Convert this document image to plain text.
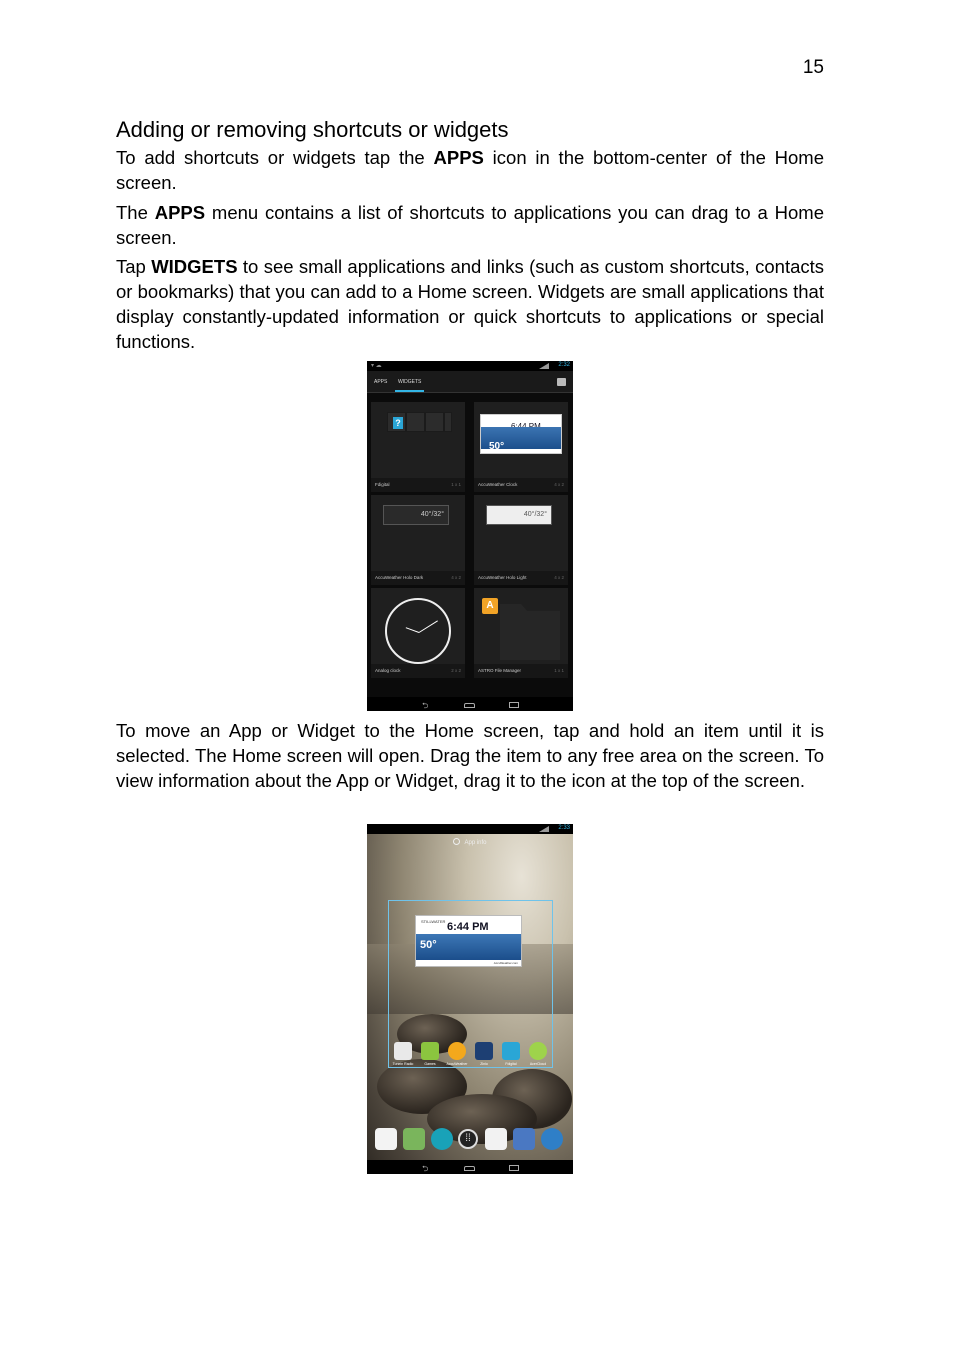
15
Adding or removing shortcuts or widgets

To add shortcuts or widgets tap the APPS icon in the bottom-center of the Home screen.

The APPS menu contains a list of shortcuts to applications you can drag to a Home screen.

Tap WIDGETS to see small applications and links (such as custom shortcuts, contacts or bookmarks) that you can add to a Home screen. Widgets are small applications that display constantly-updated information or quick shortcuts to applications or special functions.

▾ ☁	2:32
APPS WIDGETS
?
Fdigital	1 x 1
50°
AccuWeather Clock	4 x 2
40°/32°
AccuWeather Holo Dark	4 x 2
40°/32°
AccuWeather Holo Light	4 x 2
Analog clock	2 x 2
A
ASTRO File Manager	1 x 1
⮌

To move an App or Widget to the Home screen, tap and hold an item until it is selected. The Home screen will open. Drag the item to any free area on the screen. To view information about the App or Widget, drag it to the icon at the top of the screen.

2:33
App info
STILLWATER 6:44 PM
50°
AccuWeather.com
Tunein Radio	Games	AccuWeather	Zinio	Fdigital	AcerCloud
⁞⁞
⮌
